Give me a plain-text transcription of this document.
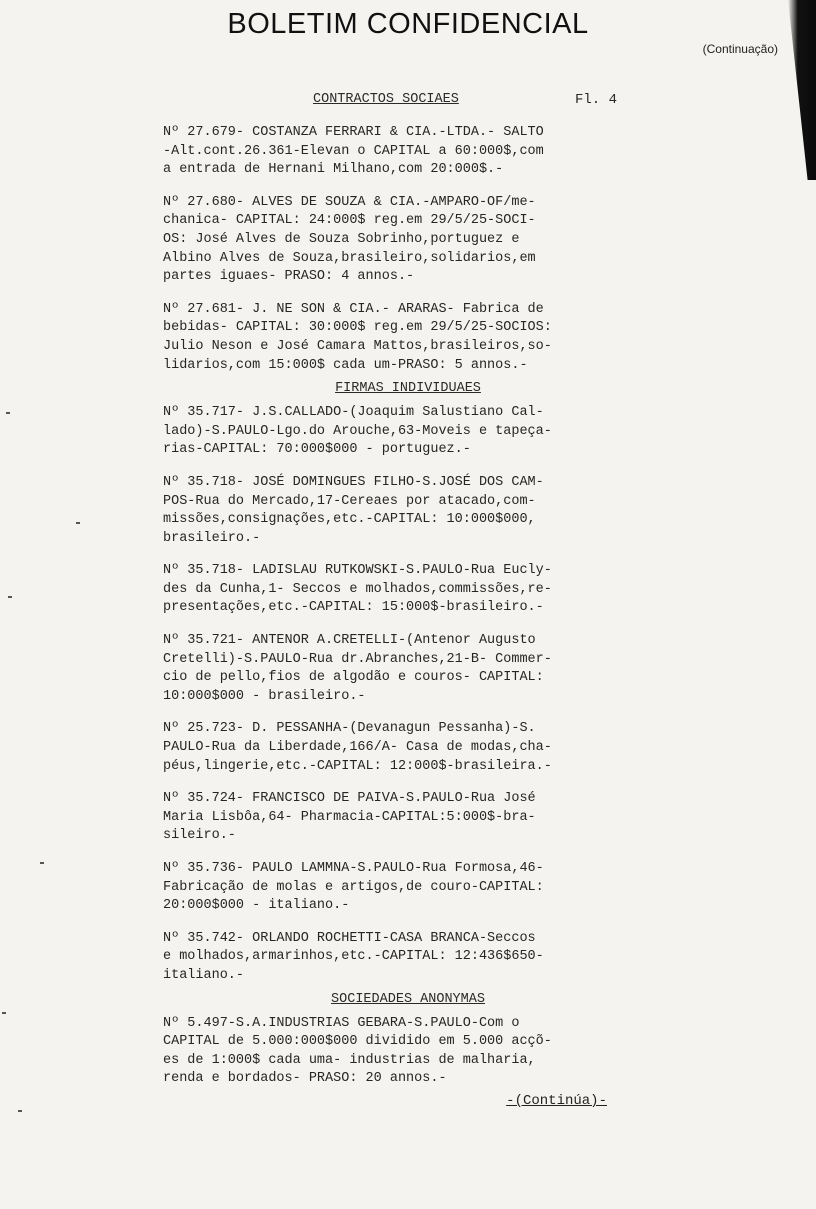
BOLETIM CONFIDENCIAL
(Continuação)
CONTRACTOS SOCIAES	Fl. 4
Nº 27.679- COSTANZA FERRARI & CIA.-LTDA.- SALTO
-Alt.cont.26.361-Elevan o CAPITAL a 60:000$,com
a entrada de Hernani Milhano,com 20:000$.-
Nº 27.680- ALVES DE SOUZA & CIA.-AMPARO-OF/me-
chanica- CAPITAL: 24:000$ reg.em 29/5/25-SOCI-
OS: José Alves de Souza Sobrinho,portuguez e
Albino Alves de Souza,brasileiro,solidarios,em
partes iguaes- PRASO: 4 annos.-
Nº 27.681- J. NE SON & CIA.- ARARAS- Fabrica de
bebidas- CAPITAL: 30:000$ reg.em 29/5/25-SOCIOS:
Julio Neson e José Camara Mattos,brasileiros,so-
lidarios,com 15:000$ cada um-PRASO: 5 annos.-
FIRMAS INDIVIDUAES
Nº 35.717- J.S.CALLADO-(Joaquim Salustiano Cal-
lado)-S.PAULO-Lgo.do Arouche,63-Moveis e tapeça-
rias-CAPITAL: 70:000$000 - portuguez.-
Nº 35.718- JOSÉ DOMINGUES FILHO-S.JOSÉ DOS CAM-
POS-Rua do Mercado,17-Cereaes por atacado,com-
missões,consignações,etc.-CAPITAL: 10:000$000,
brasileiro.-
Nº 35.718- LADISLAU RUTKOWSKI-S.PAULO-Rua Eucly-
des da Cunha,1- Seccos e molhados,commissões,re-
presentações,etc.-CAPITAL: 15:000$-brasileiro.-
Nº 35.721- ANTENOR A.CRETELLI-(Antenor Augusto
Cretelli)-S.PAULO-Rua dr.Abranches,21-B- Commer-
cio de pello,fios de algodão e couros- CAPITAL:
10:000$000 - brasileiro.-
Nº 25.723- D. PESSANHA-(Devanagun Pessanha)-S.
PAULO-Rua da Liberdade,166/A- Casa de modas,cha-
péus,lingerie,etc.-CAPITAL: 12:000$-brasileira.-
Nº 35.724- FRANCISCO DE PAIVA-S.PAULO-Rua José
Maria Lisbôa,64- Pharmacia-CAPITAL:5:000$-bra-
sileiro.-
Nº 35.736- PAULO LAMMNA-S.PAULO-Rua Formosa,46-
Fabricação de molas e artigos,de couro-CAPITAL:
20:000$000 - italiano.-
Nº 35.742- ORLANDO ROCHETTI-CASA BRANCA-Seccos
e molhados,armarinhos,etc.-CAPITAL: 12:436$650-
italiano.-
SOCIEDADES ANONYMAS
Nº 5.497-S.A.INDUSTRIAS GEBARA-S.PAULO-Com o
CAPITAL de 5.000:000$000 dividido em 5.000 acçõ-
es de 1:000$ cada uma- industrias de malharia,
renda e bordados- PRASO: 20 annos.-
-(Continúa)-
